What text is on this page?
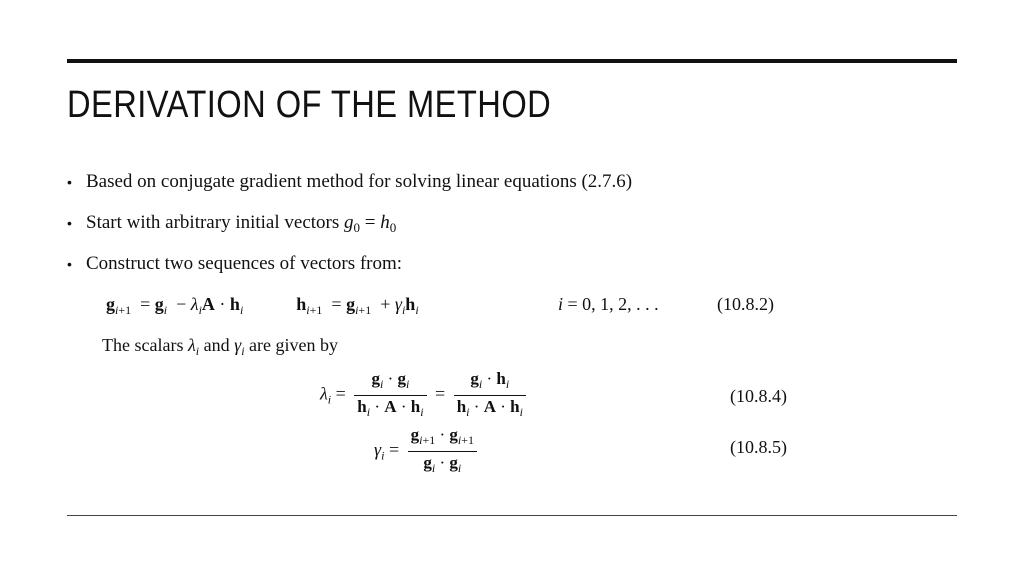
DERIVATION OF THE METHOD
• Based on conjugate gradient method for solving linear equations (2.7.6)
• Start with arbitrary initial vectors $g_0 = h_0$
• Construct two sequences of vectors from:
$g_{i+1} = g_i - \lambda_iA \cdot h_i$	$h_{i+1} = g_{i+1} + \gamma_ih_i$	i = 0, 1, 2, . . .	(10.8.2)
The scalars $\lambda_i$ and $\gamma_i$ are given by
$\lambda_i = \frac{g_i \cdot g_i}{h_i \cdot A \cdot h_i} = \frac{g_i \cdot h_i}{h_i \cdot A \cdot h_i}$	(10.8.4)
$\gamma_i = \frac{g_{i+1} \cdot g_{i+1}}{g_i \cdot g_i}$	(10.8.5)
